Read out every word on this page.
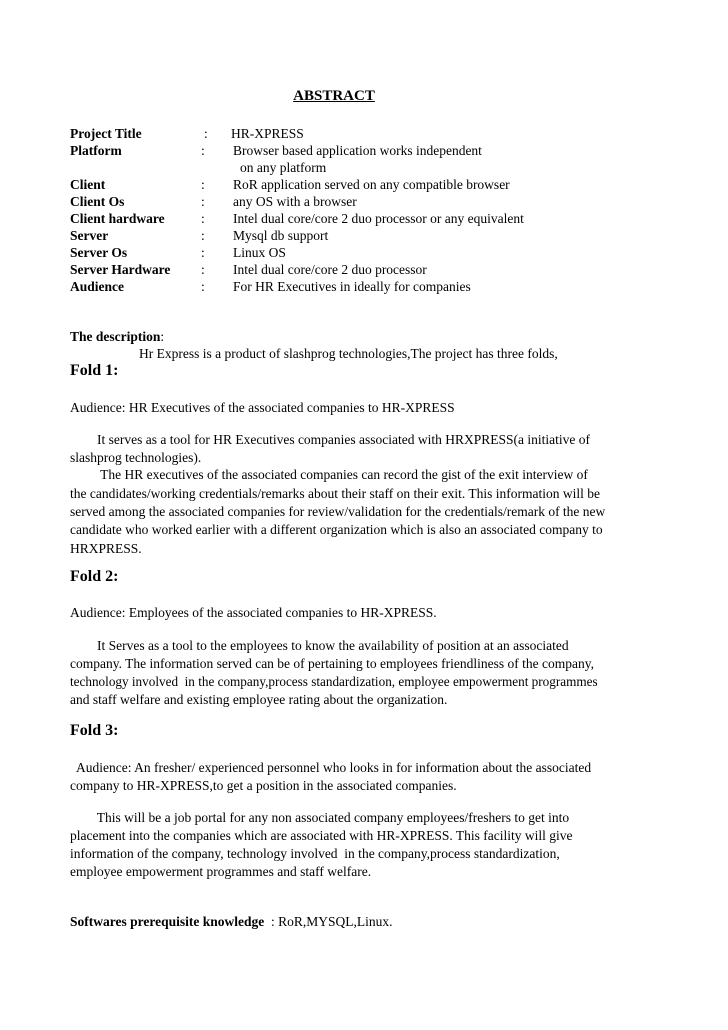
ABSTRACT
Project Title	: HR-XPRESS
Platform	: Browser based application works independent
on any platform
Client	: RoR application served on any compatible browser
Client Os	: any OS with a browser
Client hardware	: Intel dual core/core 2 duo processor or any equivalent
Server	: Mysql db support
Server Os	: Linux OS
Server Hardware : Intel dual core/core 2 duo processor
Audience	: For HR Executives in ideally for companies
The description:
Hr Express is a product of slashprog technologies,The project has three folds,
Fold 1:
Audience: HR Executives of the associated companies to HR-XPRESS
It serves as a tool for HR Executives companies associated with HRXPRESS(a initiative of
slashprog technologies).
The HR executives of the associated companies can record the gist of the exit interview of
the candidates/working credentials/remarks about their staff on their exit. This information will be
served among the associated companies for review/validation for the credentials/remark of the new
candidate who worked earlier with a different organization which is also an associated company to
HRXPRESS.
Fold 2:
Audience: Employees of the associated companies to HR-XPRESS.
It Serves as a tool to the employees to know the availability of position at an associated
company. The information served can be of pertaining to employees friendliness of the company,
technology involved  in the company,process standardization, employee empowerment programmes
and staff welfare and existing employee rating about the organization.
Fold 3:
Audience: An fresher/ experienced personnel who looks in for information about the associated
company to HR-XPRESS,to get a position in the associated companies.
This will be a job portal for any non associated company employees/freshers to get into
placement into the companies which are associated with HR-XPRESS. This facility will give
information of the company, technology involved  in the company,process standardization,
employee empowerment programmes and staff welfare.
Softwares prerequisite knowledge  : RoR,MYSQL,Linux.
